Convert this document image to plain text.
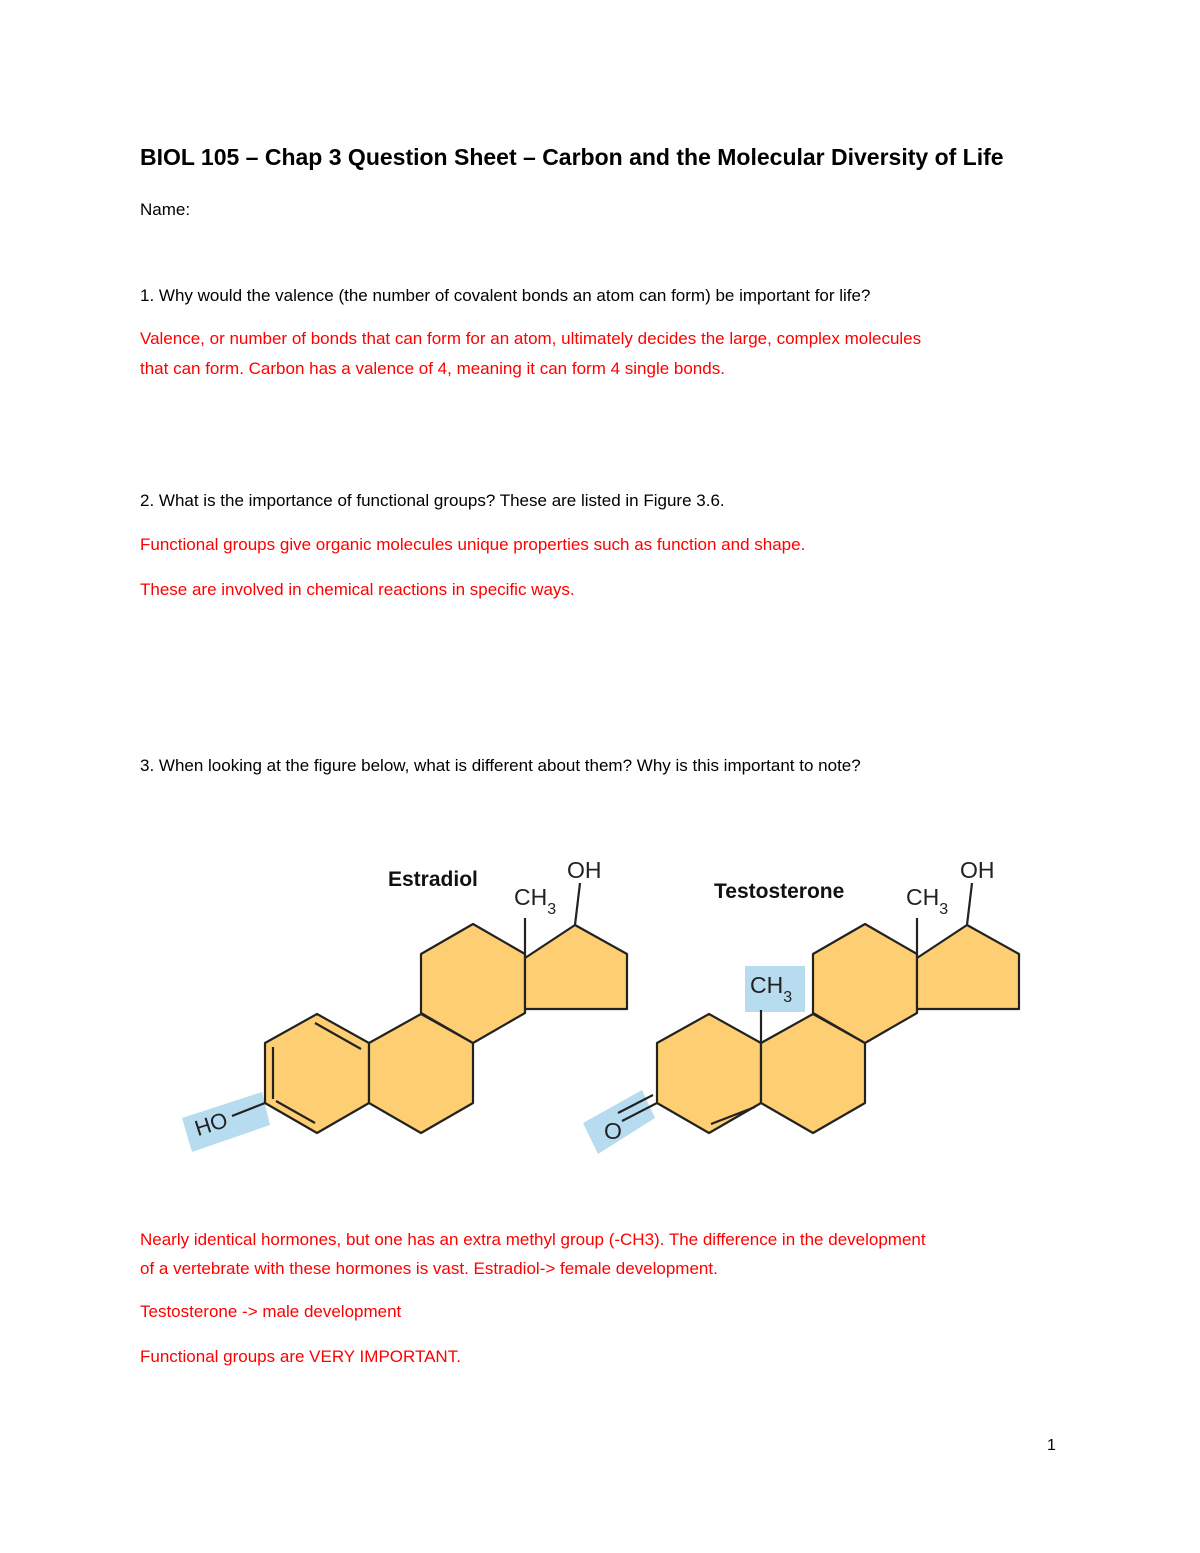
BIOL 105 – Chap 3 Question Sheet – Carbon and the Molecular Diversity of Life
Name:
1. Why would the valence (the number of covalent bonds an atom can form) be important for life?
Valence, or number of bonds that can form for an atom, ultimately decides the large, complex molecules
that can form. Carbon has a valence of 4, meaning it can form 4 single bonds.
2. What is the importance of functional groups? These are listed in Figure 3.6.
Functional groups give organic molecules unique properties such as function and shape.
These are involved in chemical reactions in specific ways.
3. When looking at the figure below, what is different about them? Why is this important to note?
Estradiol	OH
$CH_3$
HO
Testosterone
OH
$CH_3$
$CH_3$
O
Nearly identical hormones, but one has an extra methyl group (-CH3). The difference in the development
of a vertebrate with these hormones is vast. Estradiol-> female development.
Testosterone -> male development
Functional groups are VERY IMPORTANT.
1
